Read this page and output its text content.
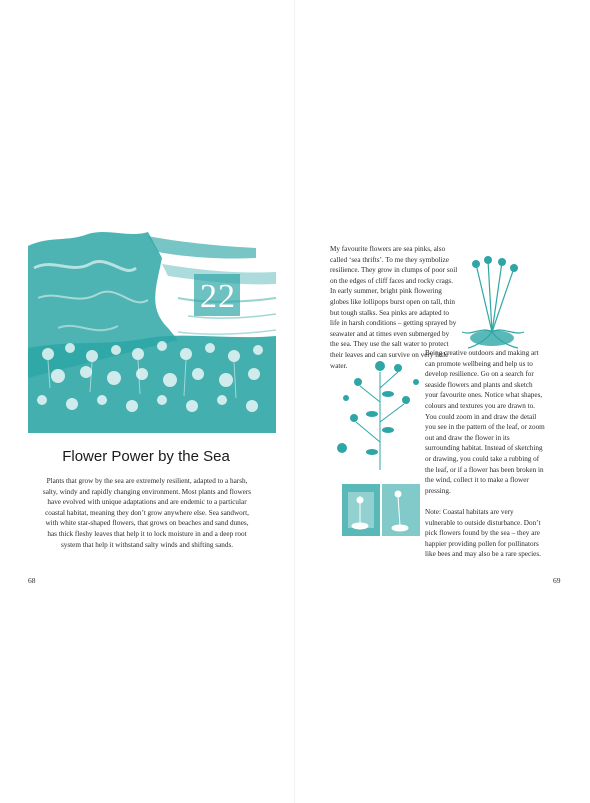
22
Flower Power by the Sea
Plants that grow by the sea are extremely resilient, adapted to a harsh, salty, windy and rapidly changing environment. Most plants and flowers have evolved with unique adaptations and are endemic to a particular coastal habitat, meaning they don’t grow anywhere else. Sea sandwort, with white star-shaped flowers, that grows on beaches and sand dunes, has thick fleshy leaves that help it to lock moisture in and a deep root system that help it withstand salty winds and shifting sands.
68

My favourite flowers are sea pinks, also called ‘sea thrifts’. To me they symbolize resilience. They grow in clumps of poor soil on the edges of cliff faces and rocky crags. In early summer, bright pink flowering globes like lollipops burst open on tall, thin but tough stalks. Sea pinks are adapted to life in harsh conditions – getting sprayed by seawater and at times even submerged by the sea. They use the salt water to protect their leaves and can survive on very little water.

Being creative outdoors and making art can promote wellbeing and help us to develop resilience. Go on a search for seaside flowers and plants and sketch your favourite ones. Notice what shapes, colours and textures you are drawn to. You could zoom in and draw the detail you see in the pattern of the leaf, or zoom out and draw the flower in its surrounding habitat. Instead of sketching or drawing, you could take a rubbing of the leaf, or if a flower has been broken in the wind, collect it to make a flower pressing.

Note: Coastal habitats are very vulnerable to outside disturbance. Don’t pick flowers found by the sea – they are happier providing pollen for pollinators like bees and may also be a rare species.

69
